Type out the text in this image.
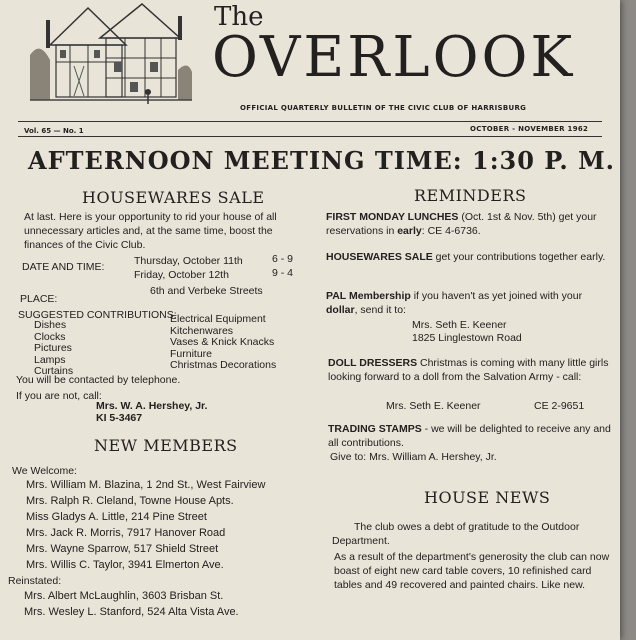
The
OVERLOOK
OFFICIAL QUARTERLY BULLETIN OF THE CIVIC CLUB OF HARRISBURG
Vol. 65 — No. 1	OCTOBER - NOVEMBER 1962
AFTERNOON MEETING TIME: 1:30 P. M.
HOUSEWARES SALE

At last. Here is your opportunity to rid your house of all unnecessary articles and, at the same time, boost the finances of the Civic Club.

DATE AND TIME:	Thursday, October 11th	6 - 9
Friday, October 12th	9 - 4
PLACE:
6th and Verbeke Streets
SUGGESTED CONTRIBUTIONS:
Dishes
Clocks
Pictures
Lamps
Curtains
Electrical Equipment
Kitchenwares
Vases & Knick Knacks
Furniture
Christmas Decorations
You will be contacted by telephone.
If you are not, call:
Mrs. W. A. Hershey, Jr.
KI 5-3467
NEW MEMBERS
We Welcome:
Mrs. William M. Blazina, 1 2nd St., West Fairview
Mrs. Ralph R. Cleland, Towne House Apts.
Miss Gladys A. Little, 214 Pine Street
Mrs. Jack R. Morris, 7917 Hanover Road
Mrs. Wayne Sparrow, 517 Shield Street
Mrs. Willis C. Taylor, 3941 Elmerton Ave.
Reinstated:
Mrs. Albert McLaughlin, 3603 Brisban St.
Mrs. Wesley L. Stanford, 524 Alta Vista Ave.
REMINDERS

FIRST MONDAY LUNCHES (Oct. 1st & Nov. 5th) get your reservations in early: CE 4-6736.

HOUSEWARES SALE get your contributions together early.

PAL Membership if you haven't as yet joined with your dollar, send it to:

Mrs. Seth E. Keener
1825 Linglestown Road

DOLL DRESSERS Christmas is coming with many little girls looking forward to a doll from the Salvation Army - call:

Mrs. Seth E. Keener	CE 2-9651

TRADING STAMPS - we will be delighted to receive any and all contributions.

Give to: Mrs. William A. Hershey, Jr.
HOUSE NEWS

The club owes a debt of gratitude to the Outdoor Department.

As a result of the department's generosity the club can now boast of eight new card table covers, 10 refinished card tables and 49 recovered and painted chairs. Like new.
